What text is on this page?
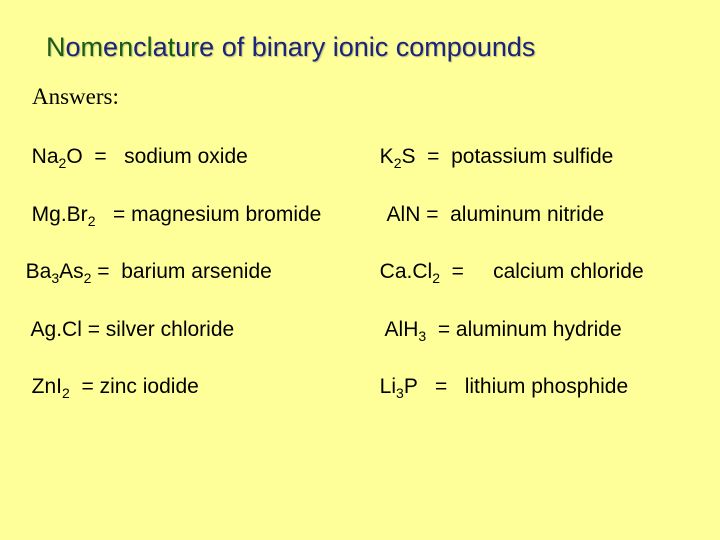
Nomenclature of binary ionic compounds
Answers:

$Na_2O$  =   sodium oxide	$K_2S$  =  potassium sulfide

$Mg.Br_2$   = magnesium bromide	AlN =  aluminum nitride

$Ba_3As_2$ =  barium arsenide	$Ca.Cl_2$  =     calcium chloride

Ag.Cl = silver chloride	AlH$_3$  = aluminum hydride

ZnI$_2$  = zinc iodide	$Li_3P$   =   lithium phosphide
